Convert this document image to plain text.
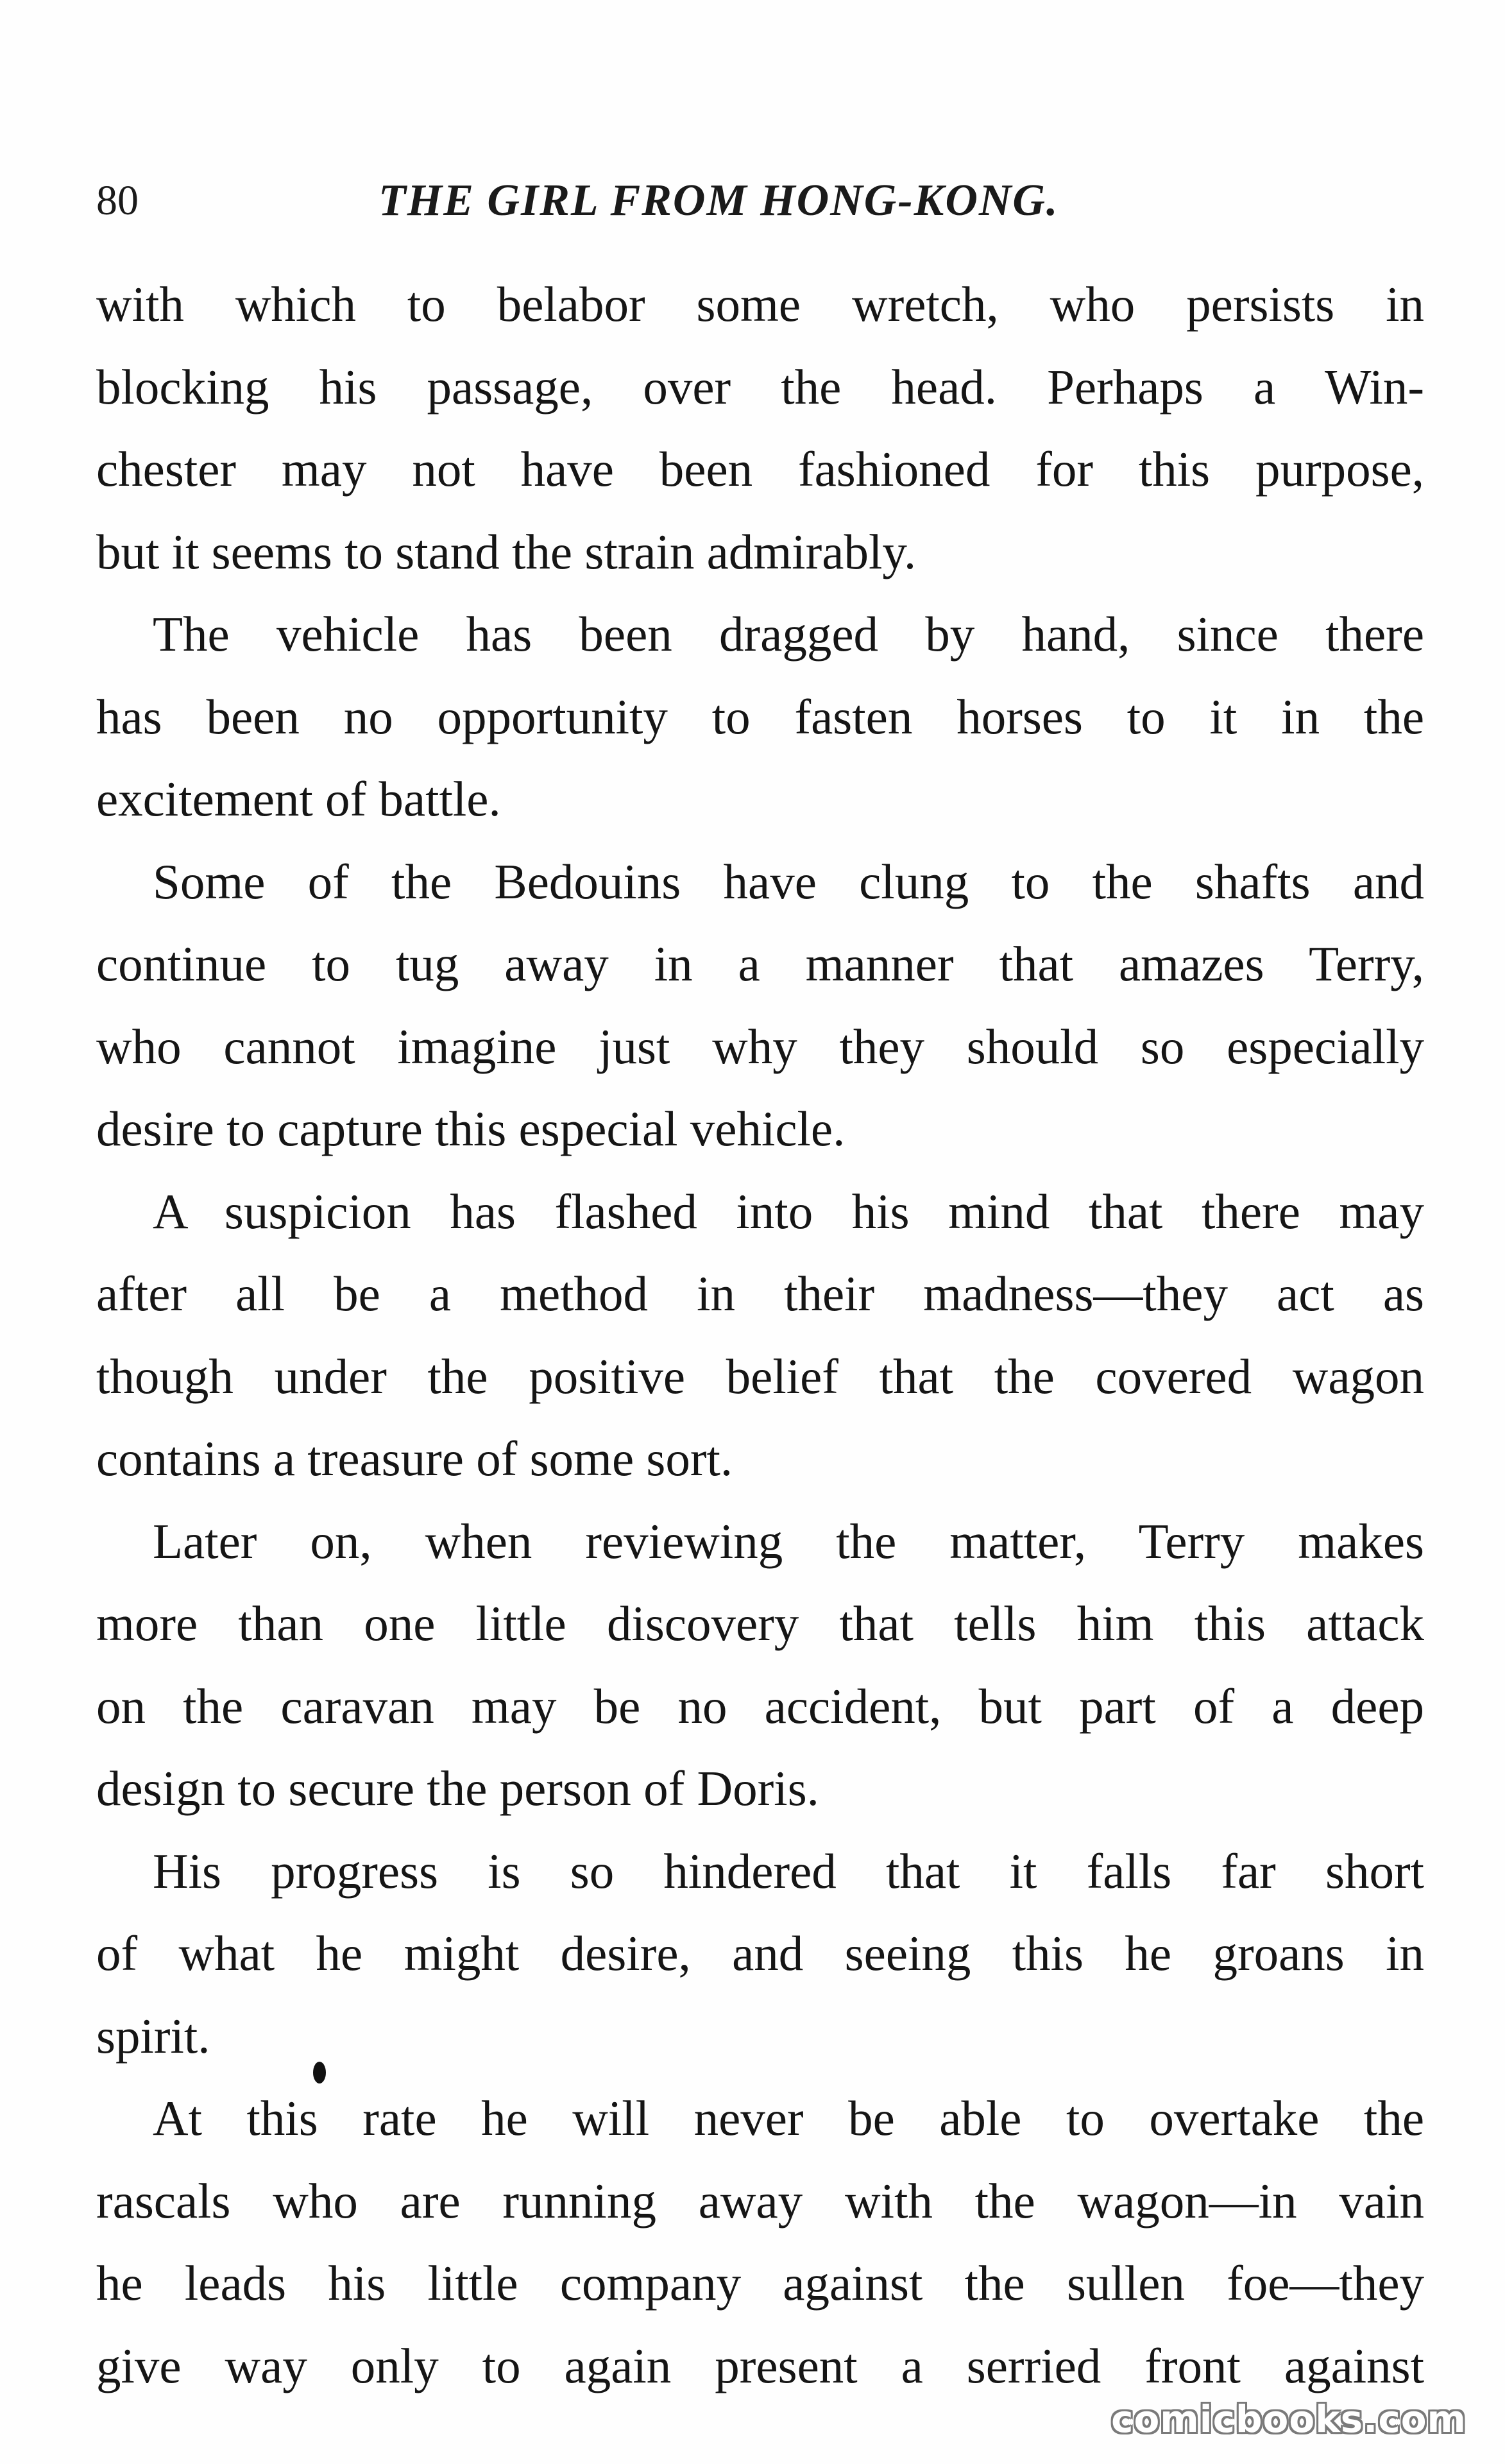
80	THE GIRL FROM HONG-KONG.
with which to belabor some wretch, who persists in
blocking his passage, over the head. Perhaps a Win-
chester may not have been fashioned for this purpose,
but it seems to stand the strain admirably.
The vehicle has been dragged by hand, since there
has been no opportunity to fasten horses to it in the
excitement of battle.
Some of the Bedouins have clung to the shafts and
continue to tug away in a manner that amazes Terry,
who cannot imagine just why they should so especially
desire to capture this especial vehicle.
A suspicion has flashed into his mind that there may
after all be a method in their madness—they act as
though under the positive belief that the covered wagon
contains a treasure of some sort.
Later on, when reviewing the matter, Terry makes
more than one little discovery that tells him this attack
on the caravan may be no accident, but part of a deep
design to secure the person of Doris.
His progress is so hindered that it falls far short
of what he might desire, and seeing this he groans in
spirit.
At this rate he will never be able to overtake the
rascals who are running away with the wagon—in vain
he leads his little company against the sullen foe—they
give way only to again present a serried front against
comicbooks.com
